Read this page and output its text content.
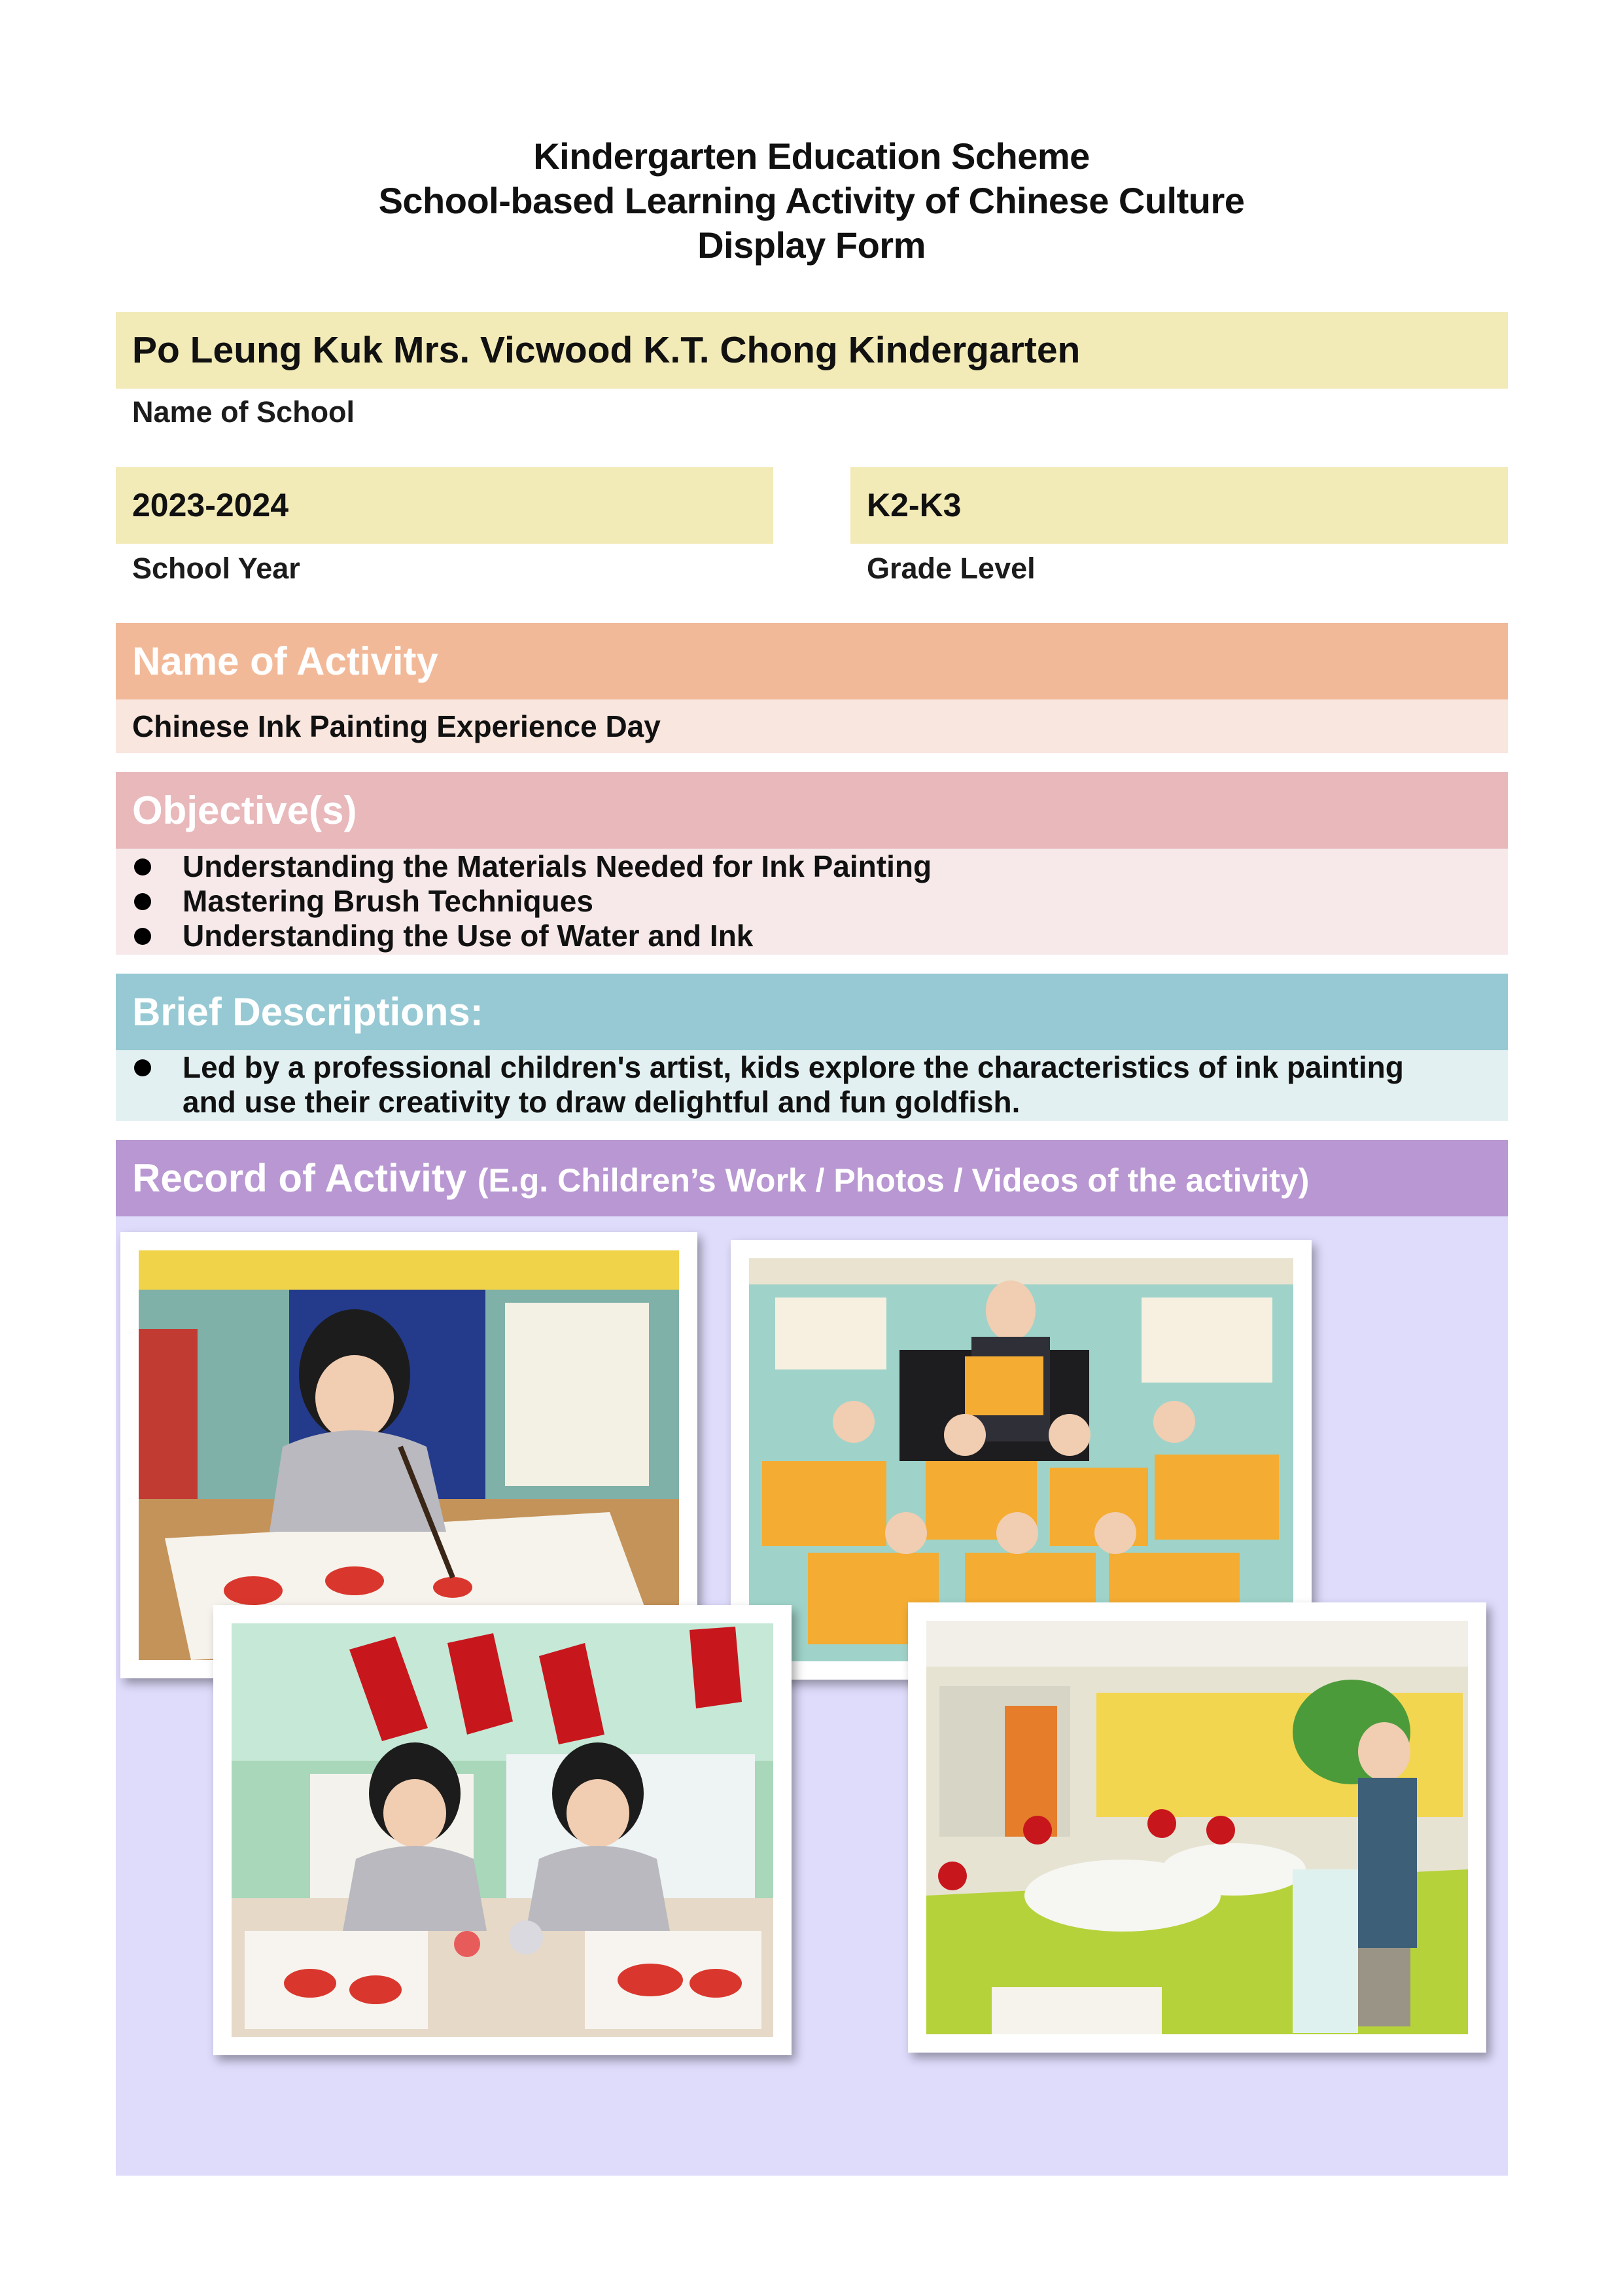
Kindergarten Education Scheme
School-based Learning Activity of Chinese Culture
Display Form
Po Leung Kuk Mrs. Vicwood K.T. Chong Kindergarten
Name of School
2023-2024
School Year
K2-K3
Grade Level
Name of Activity
Chinese Ink Painting Experience Day
Objective(s)
Understanding the Materials Needed for Ink Painting
Mastering Brush Techniques
Understanding the Use of Water and Ink
Brief Descriptions:
Led by a professional children's artist, kids explore the characteristics of ink painting and use their creativity to draw delightful and fun goldfish.
Record of Activity (E.g. Children’s Work / Photos / Videos of the activity)
